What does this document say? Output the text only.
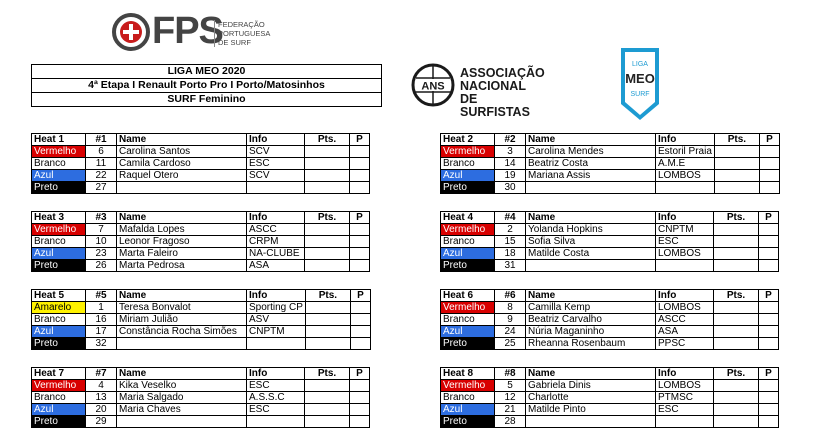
FPS
FEDERAÇÃO
PORTUGUESA
DE SURF
LIGA MEO 2020
4ª Etapa I Renault Porto Pro I Porto/Matosinhos
SURF Feminino
ANS
ASSOCIAÇÃO
NACIONAL DE
SURFISTAS
LIGA
MEO
SURF
Heat 1	#1	Name	Info	Pts.	P
Vermelho	6	Carolina Santos	SCV		
Branco	11	Camila Cardoso	ESC		
Azul	22	Raquel Otero	SCV		
Preto	27				
Heat 2	#2	Name	Info	Pts.	P
Vermelho	3	Carolina Mendes	Estoril Praia		
Branco	14	Beatriz Costa	A.M.E		
Azul	19	Mariana Assis	LOMBOS		
Preto	30				
Heat 3	#3	Name	Info	Pts.	P
Vermelho	7	Mafalda Lopes	ASCC		
Branco	10	Leonor Fragoso	CRPM		
Azul	23	Marta Faleiro	NA-CLUBE		
Preto	26	Marta Pedrosa	ASA		
Heat 4	#4	Name	Info	Pts.	P
Vermelho	2	Yolanda Hopkins	CNPTM		
Branco	15	Sofia Silva	ESC		
Azul	18	Matilde Costa	LOMBOS		
Preto	31				
Heat 5	#5	Name	Info	Pts.	P
Amarelo	1	Teresa Bonvalot	Sporting CP		
Branco	16	Miriam Julião	ASV		
Azul	17	Constância Rocha Simões	CNPTM		
Preto	32				
Heat 6	#6	Name	Info	Pts.	P
Vermelho	8	Camilla Kemp	LOMBOS		
Branco	9	Beatriz Carvalho	ASCC		
Azul	24	Núria Maganinho	ASA		
Preto	25	Rheanna Rosenbaum	PPSC		
Heat 7	#7	Name	Info	Pts.	P
Vermelho	4	Kika Veselko	ESC		
Branco	13	Maria Salgado	A.S.S.C		
Azul	20	Maria Chaves	ESC		
Preto	29				
Heat 8	#8	Name	Info	Pts.	P
Vermelho	5	Gabriela Dinis	LOMBOS		
Branco	12	Charlotte	PTMSC		
Azul	21	Matilde Pinto	ESC		
Preto	28				
